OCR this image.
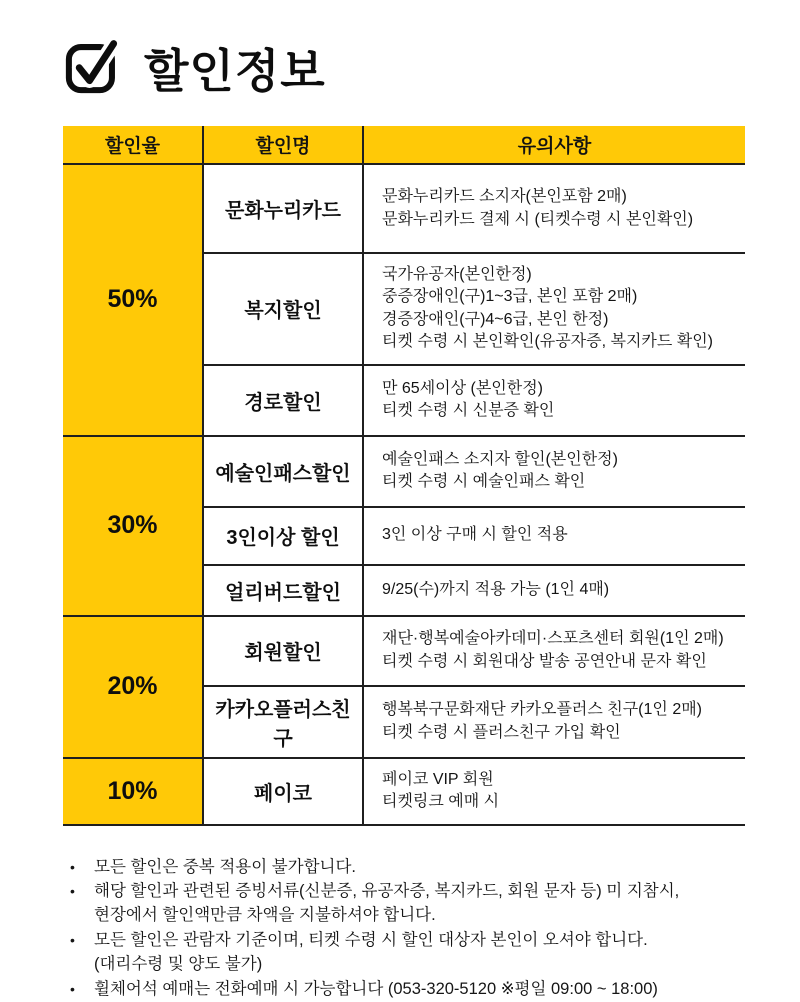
할인정보
할인율	할인명	유의사항
50%	문화누리카드	문화누리카드 소지자(본인포함 2매)
문화누리카드 결제 시 (티켓수령 시 본인확인)

	복지할인	국가유공자(본인한정)
중증장애인(구)1~3급, 본인 포함 2매)
경증장애인(구)4~6급, 본인 한정)
티켓 수령 시 본인확인(유공자증, 복지카드 확인)

	경로할인	만 65세이상 (본인한정)
티켓 수령 시 신분증 확인

30%	예술인패스할인	예술인패스 소지자 할인(본인한정)
티켓 수령 시 예술인패스 확인

	3인이상 할인	3인 이상 구매 시 할인 적용

	얼리버드할인	9/25(수)까지 적용 가능 (1인 4매)

20%	회원할인	재단·행복예술아카데미·스포츠센터 회원(1인 2매)
티켓 수령 시 회원대상 발송 공연안내 문자 확인

	카카오플러스친구	행복북구문화재단 카카오플러스 친구(1인 2매)
티켓 수령 시 플러스친구 가입 확인

10%	페이코	페이코 VIP 회원
티켓링크 예매 시
•	모든 할인은 중복 적용이 불가합니다.
•	해당 할인과 관련된 증빙서류(신분증, 유공자증, 복지카드, 회원 문자 등) 미 지참시,
현장에서 할인액만큼 차액을 지불하셔야 합니다.
•	모든 할인은 관람자 기준이며, 티켓 수령 시 할인 대상자 본인이 오셔야 합니다.
(대리수령 및 양도 불가)
•	휠체어석 예매는 전화예매 시 가능합니다 (053-320-5120 ※평일 09:00 ~ 18:00)
